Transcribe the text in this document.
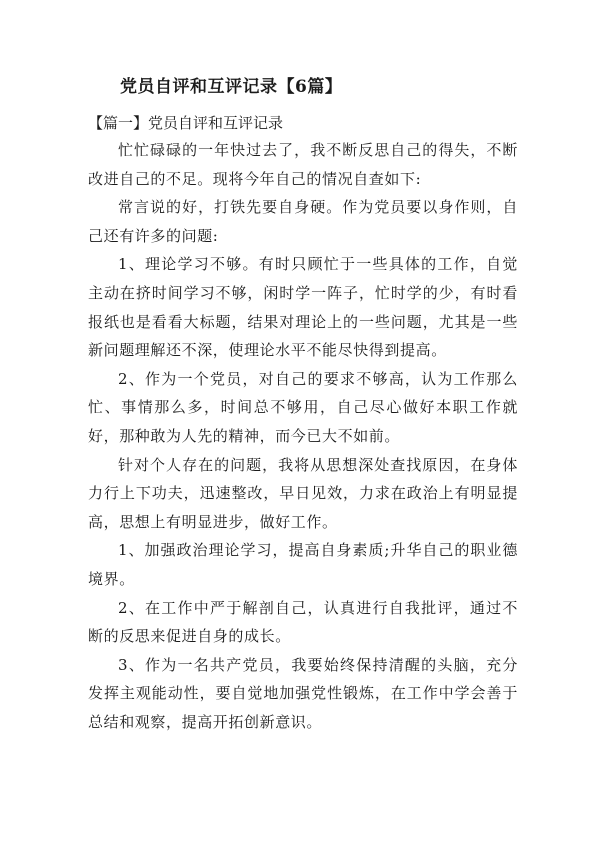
党员自评和互评记录【6篇】
【篇一】党员自评和互评记录

忙忙碌碌的一年快过去了，我不断反思自己的得失，不断改进自己的不足。现将今年自己的情况自查如下:

常言说的好，打铁先要自身硬。作为党员要以身作则，自己还有许多的问题:

1、理论学习不够。有时只顾忙于一些具体的工作，自觉主动在挤时间学习不够，闲时学一阵子，忙时学的少，有时看报纸也是看看大标题，结果对理论上的一些问题，尤其是一些新问题理解还不深，使理论水平不能尽快得到提高。

2、作为一个党员，对自己的要求不够高，认为工作那么忙、事情那么多，时间总不够用，自己尽心做好本职工作就好，那种敢为人先的精神，而今已大不如前。

针对个人存在的问题，我将从思想深处查找原因，在身体力行上下功夫，迅速整改，早日见效，力求在政治上有明显提高，思想上有明显进步，做好工作。

1、加强政治理论学习，提高自身素质;升华自己的职业德境界。

2、在工作中严于解剖自己，认真进行自我批评，通过不断的反思来促进自身的成长。

3、作为一名共产党员，我要始终保持清醒的头脑，充分发挥主观能动性，要自觉地加强党性锻炼，在工作中学会善于总结和观察，提高开拓创新意识。
